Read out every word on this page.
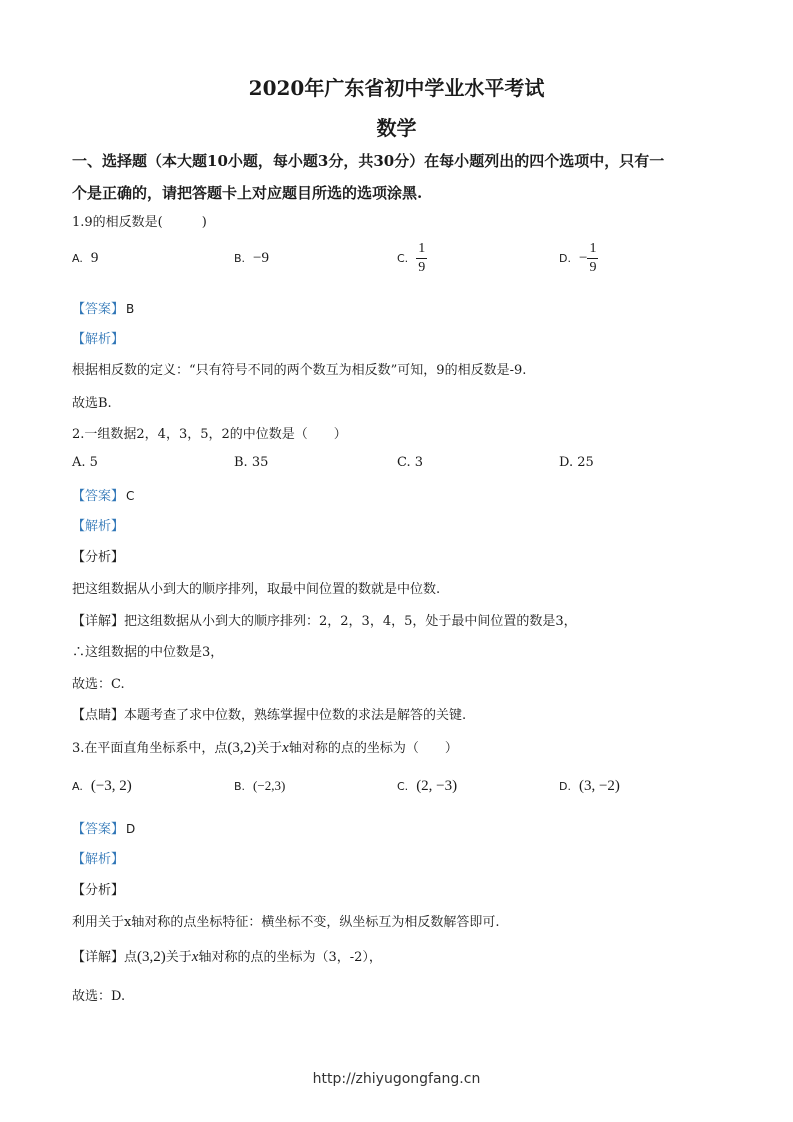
2020年广东省初中学业水平考试
数学
一、选择题（本大题10小题，每小题3分，共30分）在每小题列出的四个选项中，只有一
个是正确的，请把答题卡上对应题目所选的选项涂黑.
1.9的相反数是(　　　)
A. 9	B. −9	C. $\frac{1}{9}$	D. − $\frac{1}{9}$
【答案】 B
【解析】
根据相反数的定义：“只有符号不同的两个数互为相反数”可知，9的相反数是-9.
故选B.
2.一组数据2，4，3，5，2的中位数是（　　）
A. 5	B. 35	C. 3	D. 25
【答案】 C
【解析】
【分析】
把这组数据从小到大的顺序排列，取最中间位置的数就是中位数.
【详解】把这组数据从小到大的顺序排列：2，2，3，4，5，处于最中间位置的数是3，
∴这组数据的中位数是3，
故选：C.
【点睛】本题考查了求中位数，熟练掌握中位数的求法是解答的关键.
3.在平面直角坐标系中，点(3,2)关于x轴对称的点的坐标为（　　）
A. (−3, 2)	B. (−2,3)	C. (2, −3)	D. (3, −2)
【答案】 D
【解析】
【分析】
利用关于x轴对称的点坐标特征：横坐标不变，纵坐标互为相反数解答即可.
【详解】点(3,2)关于x轴对称的点的坐标为（3，-2），
故选：D.
http://zhiyugongfang.cn
